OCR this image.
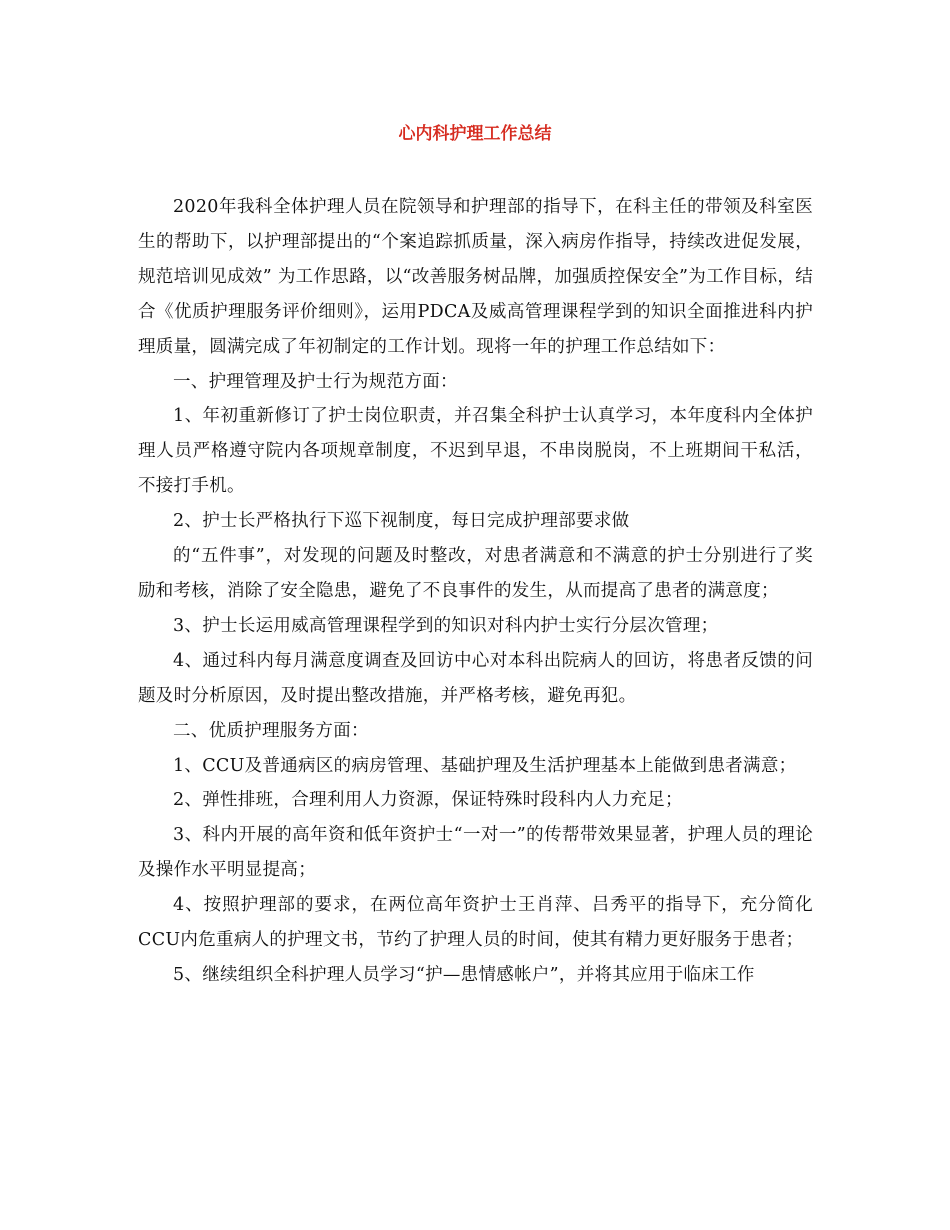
心内科护理工作总结

2020年我科全体护理人员在院领导和护理部的指导下，在科主任的带领及科室医生的帮助下，以护理部提出的“个案追踪抓质量，深入病房作指导，持续改进促发展，规范培训见成效” 为工作思路，以“改善服务树品牌，加强质控保安全”为工作目标，结合《优质护理服务评价细则》，运用PDCA及威高管理课程学到的知识全面推进科内护理质量，圆满完成了年初制定的工作计划。现将一年的护理工作总结如下：

一、护理管理及护士行为规范方面：

1、年初重新修订了护士岗位职责，并召集全科护士认真学习，本年度科内全体护理人员严格遵守院内各项规章制度，不迟到早退，不串岗脱岗，不上班期间干私活，不接打手机。

2、护士长严格执行下巡下视制度，每日完成护理部要求做

的“五件事”，对发现的问题及时整改，对患者满意和不满意的护士分别进行了奖励和考核，消除了安全隐患，避免了不良事件的发生，从而提高了患者的满意度；

3、护士长运用威高管理课程学到的知识对科内护士实行分层次管理；

4、通过科内每月满意度调查及回访中心对本科出院病人的回访，将患者反馈的问题及时分析原因，及时提出整改措施，并严格考核，避免再犯。

二、优质护理服务方面：

1、CCU及普通病区的病房管理、基础护理及生活护理基本上能做到患者满意；

2、弹性排班，合理利用人力资源，保证特殊时段科内人力充足；

3、科内开展的高年资和低年资护士“一对一”的传帮带效果显著，护理人员的理论及操作水平明显提高；

4、按照护理部的要求，在两位高年资护士王肖萍、吕秀平的指导下，充分简化CCU内危重病人的护理文书，节约了护理人员的时间，使其有精力更好服务于患者；

5、继续组织全科护理人员学习“护—患情感帐户”，并将其应用于临床工作
